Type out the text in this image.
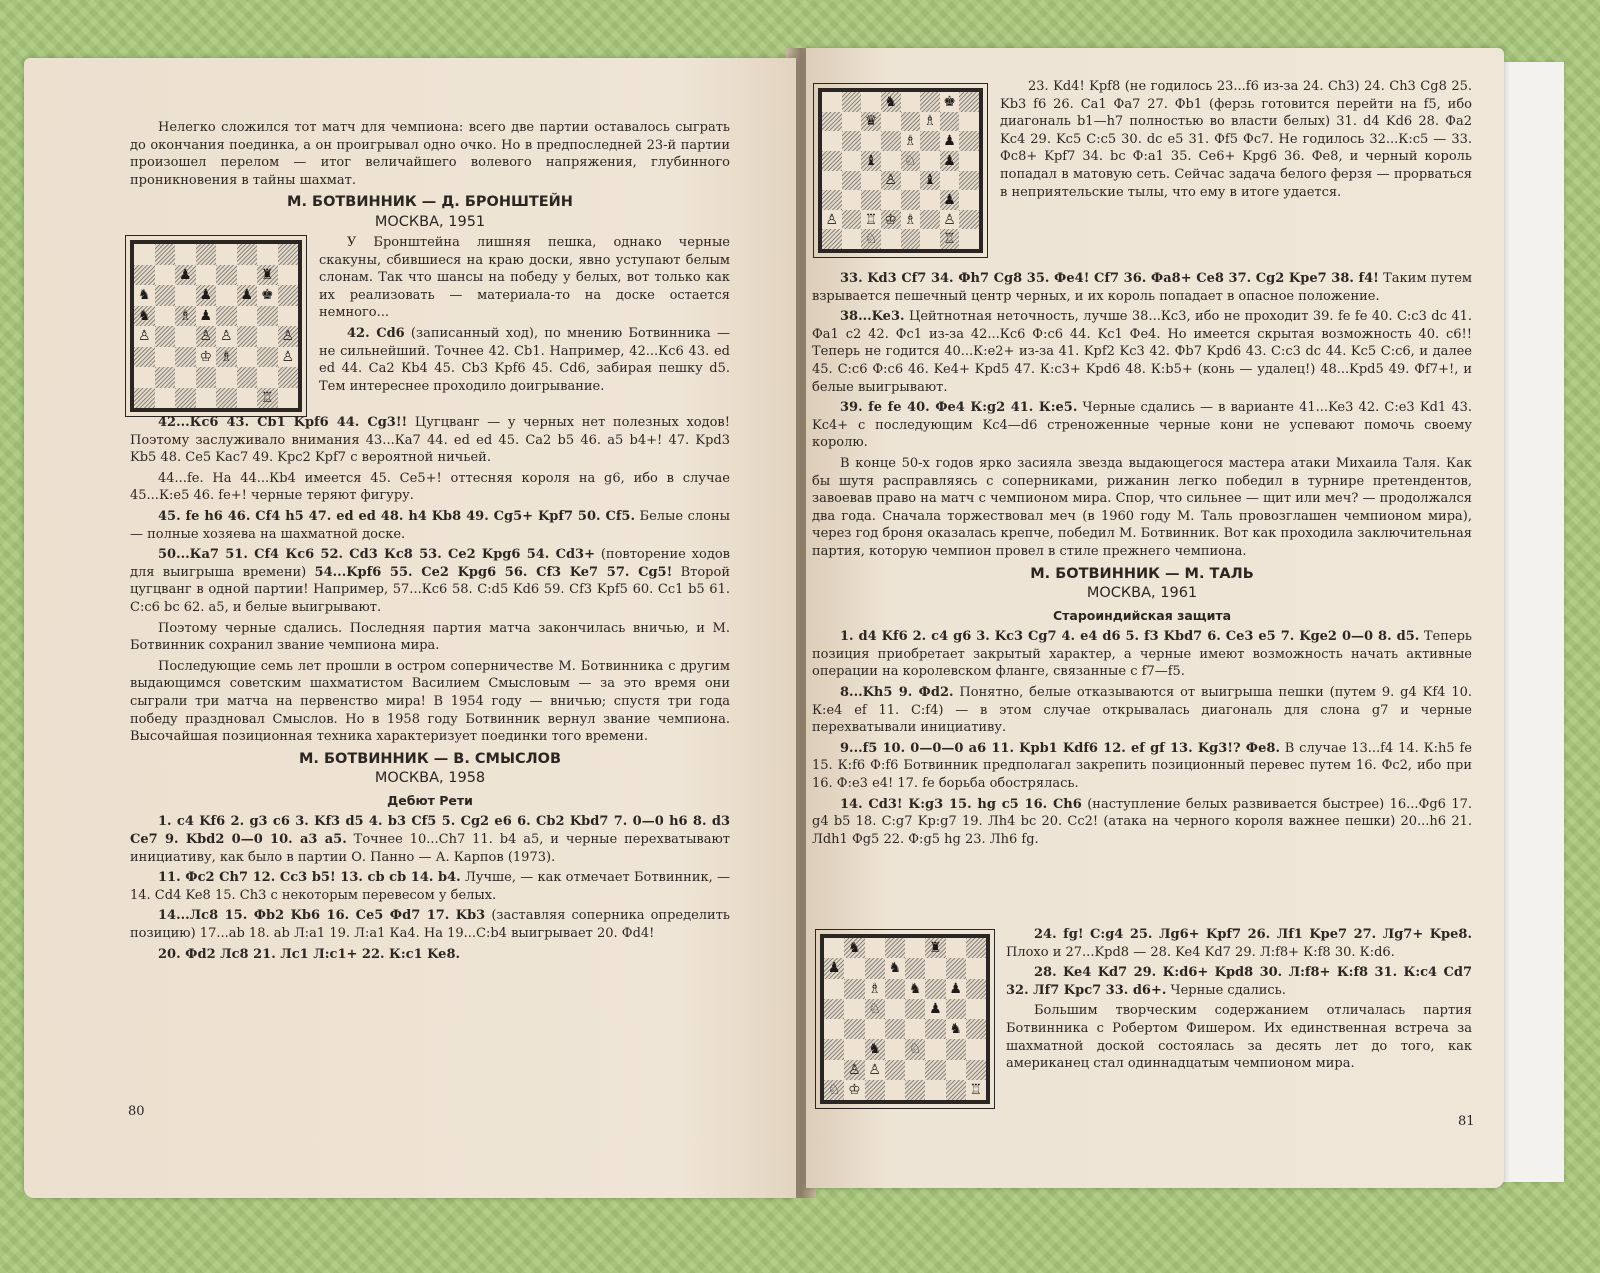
Нелегко сложился тот матч для чемпиона: всего две партии оставалось сыграть до окончания поединка, а он проигрывал одно очко. Но в предпоследней 23-й партии произошел перелом — итог величайшего волевого напряжения, глубинного проникновения в тайны шахмат.

М. БОТВИННИК — Д. БРОНШТЕЙН
МОСКВА, 1951
♟	♜
♞	♟ ♟ ♚
♞ ♗ ♟
♙	♙ ♙	♙
♔ ♗	♙
♖

У Бронштейна лишняя пешка, однако черные скакуны, сбившиеся на краю доски, явно уступают белым слонам. Так что шансы на победу у белых, вот только как их реализовать — материала-то на доске остается немного...

42. Cd6 (записанный ход), по мнению Ботвинника — не сильнейший. Точнее 42. Cb1. Например, 42...Кс6 43. ed ed 44. Ca2 Кb4 45. Cb3 Kpf6 45. Cd6, забирая пешку d5. Тем интереснее проходило доигрывание.

42...Кс6 43. Cb1 Kpf6 44. Cg3!! Цугцванг — у черных нет полезных ходов! Поэтому заслуживало внимания 43...Ка7 44. ed ed 45. Ca2 b5 46. a5 b4+! 47. Kpd3 Kb5 48. Ce5 Kac7 49. Kpc2 Kpf7 с вероятной ничьей.

44...fe. На 44...Кb4 имеется 45. Ce5+! оттесняя короля на g6, ибо в случае 45...К:e5 46. fe+! черные теряют фигуру.

45. fe h6 46. Cf4 h5 47. ed ed 48. h4 Kb8 49. Cg5+ Kpf7 50. Cf5. Белые слоны — полные хозяева на шахматной доске.

50...Ка7 51. Cf4 Кс6 52. Cd3 Кс8 53. Ce2 Kpg6 54. Cd3+ (повторение ходов для выигрыша времени) 54...Kpf6 55. Ce2 Kpg6 56. Cf3 Ke7 57. Cg5! Второй цугцванг в одной партии! Например, 57...Кс6 58. С:d5 Kd6 59. Cf3 Kpf5 60. Cc1 b5 61. C:c6 bc 62. a5, и белые выигрывают.

Поэтому черные сдались. Последняя партия матча закончилась вничью, и М. Ботвинник сохранил звание чемпиона мира.

Последующие семь лет прошли в остром соперничестве М. Ботвинника с другим выдающимся советским шахматистом Василием Смысловым — за это время они сыграли три матча на первенство мира! В 1954 году — вничью; спустя три года победу праздновал Смыслов. Но в 1958 году Ботвинник вернул звание чемпиона. Высочайшая позиционная техника характеризует поединки того времени.

М. БОТВИННИК — В. СМЫСЛОВ
МОСКВА, 1958
Дебют Рети

1. c4 Kf6 2. g3 c6 3. Kf3 d5 4. b3 Cf5 5. Cg2 e6 6. Cb2 Kbd7 7. 0—0 h6 8. d3 Ce7 9. Kbd2 0—0 10. a3 a5. Точнее 10...Ch7 11. b4 a5, и черные перехватывают инициативу, как было в партии О. Панно — А. Карпов (1973).

11. Фc2 Ch7 12. Cc3 b5! 13. cb cb 14. b4. Лучше, — как отмечает Ботвинник, — 14. Cd4 Ke8 15. Ch3 с некоторым перевесом у белых.

14...Лc8 15. Фb2 Kb6 16. Ce5 Фd7 17. Kb3 (заставляя соперника определить позицию) 17...ab 18. ab Л:a1 19. Л:a1 Ка4. На 19...С:b4 выигрывает 20. Фd4!

20. Фd2 Лc8 21. Лc1 Л:c1+ 22. К:c1 Ke8.

80
♞	♚
♛	♗
♗ ♟
♝ ♘ ♟
♙ ♝
♟
♙ ♖ ♔ ♗ ♙
♘	♖

23. Kd4! Kpf8 (не годилось 23...f6 из-за 24. Ch3) 24. Ch3 Cg8 25. Kb3 f6 26. Ca1 Фa7 27. Фb1 (ферзь готовится перейти на f5, ибо диагональ b1—h7 полностью во власти белых) 31. d4 Kd6 28. Фa2 Kc4 29. Kc5 C:c5 30. dc e5 31. Фf5 Фc7. Не годилось 32...К:c5 — 33. Фc8+ Kpf7 34. bc Ф:a1 35. Ce6+ Kpg6 36. Фe8, и черный король попадал в матовую сеть. Сейчас задача белого ферзя — прорваться в неприятельские тылы, что ему в итоге удается.

33. Kd3 Cf7 34. Фh7 Cg8 35. Фe4! Cf7 36. Фa8+ Ce8 37. Cg2 Kpe7 38. f4! Таким путем взрывается пешечный центр черных, и их король попадает в опасное положение.

38...Ke3. Цейтнотная неточность, лучше 38...Кc3, ибо не проходит 39. fe fe 40. C:c3 dc 41. Фa1 c2 42. Фc1 из-за 42...Кc6 Ф:c6 44. Kc1 Фe4. Но имеется скрытая возможность 40. c6!! Теперь не годится 40...К:e2+ из-за 41. Kpf2 Kc3 42. Фb7 Kpd6 43. C:c3 dc 44. Kc5 C:c6, и далее 45. C:c6 Ф:c6 46. Ke4+ Kpd5 47. К:c3+ Kpd6 48. К:b5+ (конь — удалец!) 48...Kpd5 49. Фf7+!, и белые выигрывают.

39. fe fe 40. Фe4 К:g2 41. К:e5. Черные сдались — в варианте 41...Ke3 42. C:e3 Kd1 43. Kc4+ с последующим Kc4—d6 стреноженные черные кони не успевают помочь своему королю.

В конце 50-х годов ярко засияла звезда выдающегося мастера атаки Михаила Таля. Как бы шутя расправляясь с соперниками, рижанин легко победил в турнире претендентов, завоевав право на матч с чемпионом мира. Спор, что сильнее — щит или меч? — продолжался два года. Сначала торжествовал меч (в 1960 году М. Таль провозглашен чемпионом мира), через год броня оказалась крепче, победил М. Ботвинник. Вот как проходила заключительная партия, которую чемпион провел в стиле прежнего чемпиона.

М. БОТВИННИК — М. ТАЛЬ
МОСКВА, 1961
Староиндийская защита

1. d4 Kf6 2. c4 g6 3. Kc3 Cg7 4. e4 d6 5. f3 Kbd7 6. Ce3 e5 7. Kge2 0—0 8. d5. Теперь позиция приобретает закрытый характер, а черные имеют возможность начать активные операции на королевском фланге, связанные с f7—f5.

8...Kh5 9. Фd2. Понятно, белые отказываются от выигрыша пешки (путем 9. g4 Kf4 10. К:e4 ef 11. C:f4) — в этом случае открывалась диагональ для слона g7 и черные перехватывали инициативу.

9...f5 10. 0—0—0 a6 11. Kpb1 Kdf6 12. ef gf 13. Kg3!? Фe8. В случае 13...f4 14. К:h5 fe 15. К:f6 Ф:f6 Ботвинник предполагал закрепить позиционный перевес путем 16. Фc2, ибо при 16. Ф:e3 e4! 17. fe борьба обострялась.

14. Cd3! К:g3 15. hg c5 16. Ch6 (наступление белых развивается быстрее) 16...Фg6 17. g4 b5 18. C:g7 Kp:g7 19. Лh4 bc 20. Cc2! (атака на черного короля важнее пешки) 20...h6 21. Лdh1 Фg5 22. Ф:g5 hg 23. Лh6 fg.

♞	♜
♟	♞
♗ ♞ ♟
♘	♟
♞
♞ ♘
♙ ♙
♘ ♔	♖

24. fg! C:g4 25. Лg6+ Kpf7 26. Лf1 Kpe7 27. Лg7+ Kpe8. Плохо и 27...Kpd8 — 28. Ke4 Kd7 29. Л:f8+ К:f8 30. К:d6.

28. Ke4 Kd7 29. К:d6+ Kpd8 30. Л:f8+ К:f8 31. К:c4 Cd7 32. Лf7 Kpc7 33. d6+. Черные сдались.

Большим творческим содержанием отличалась партия Ботвинника с Робертом Фишером. Их единственная встреча за шахматной доской состоялась за десять лет до того, как американец стал одиннадцатым чемпионом мира.

81
